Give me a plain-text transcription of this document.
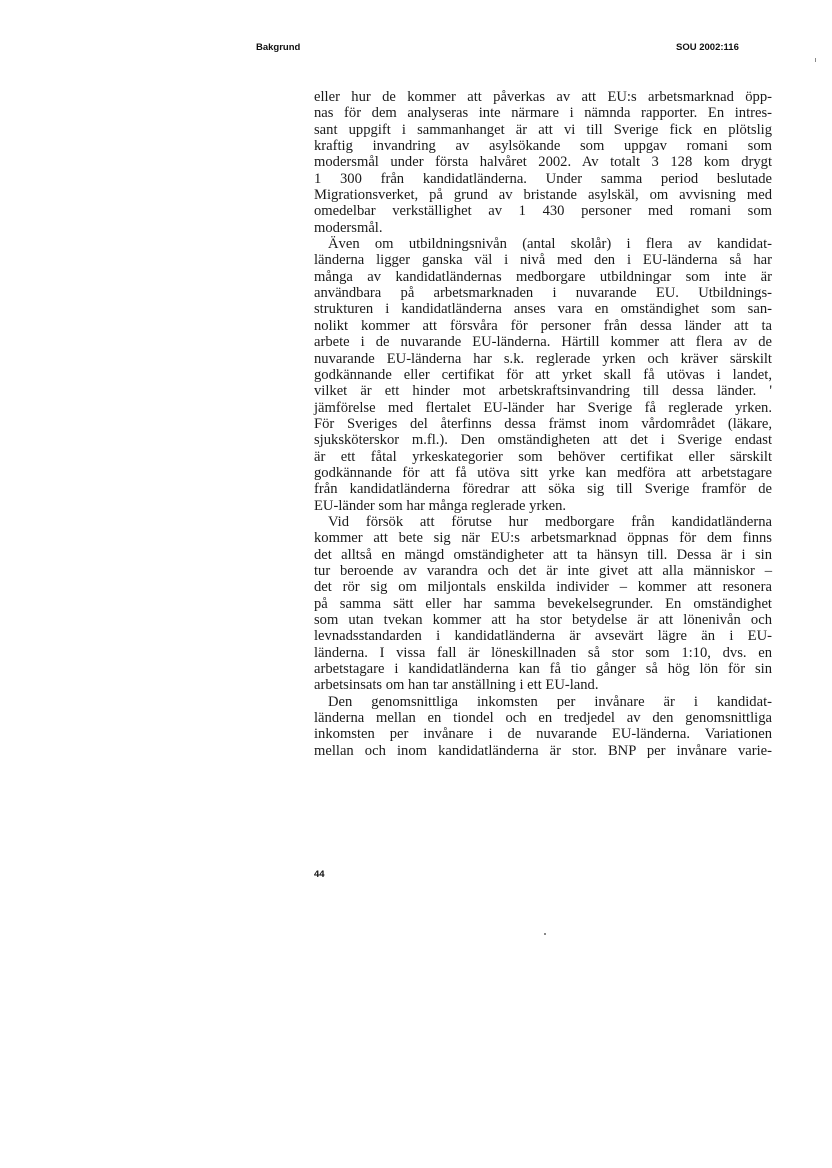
Bakgrund	SOU 2002:116
eller hur de kommer att påverkas av att EU:s arbetsmarknad öpp-
nas för dem analyseras inte närmare i nämnda rapporter. En intres-
sant uppgift i sammanhanget är att vi till Sverige fick en plötslig
kraftig invandring av asylsökande som uppgav romani som
modersmål under första halvåret 2002. Av totalt 3 128 kom drygt
1 300 från kandidatländerna. Under samma period beslutade
Migrationsverket, på grund av bristande asylskäl, om avvisning med
omedelbar verkställighet av 1 430 personer med romani som
modersmål.
Även om utbildningsnivån (antal skolår) i flera av kandidat-
länderna ligger ganska väl i nivå med den i EU-länderna så har
många av kandidatländernas medborgare utbildningar som inte är
användbara på arbetsmarknaden i nuvarande EU. Utbildnings-
strukturen i kandidatländerna anses vara en omständighet som san-
nolikt kommer att försvåra för personer från dessa länder att ta
arbete i de nuvarande EU-länderna. Härtill kommer att flera av de
nuvarande EU-länderna har s.k. reglerade yrken och kräver särskilt
godkännande eller certifikat för att yrket skall få utövas i landet,
vilket är ett hinder mot arbetskraftsinvandring till dessa länder. '
jämförelse med flertalet EU-länder har Sverige få reglerade yrken.
För Sveriges del återfinns dessa främst inom vårdområdet (läkare,
sjuksköterskor m.fl.). Den omständigheten att det i Sverige endast
är ett fåtal yrkeskategorier som behöver certifikat eller särskilt
godkännande för att få utöva sitt yrke kan medföra att arbetstagare
från kandidatländerna föredrar att söka sig till Sverige framför de
EU-länder som har många reglerade yrken.
Vid försök att förutse hur medborgare från kandidatländerna
kommer att bete sig när EU:s arbetsmarknad öppnas för dem finns
det alltså en mängd omständigheter att ta hänsyn till. Dessa är i sin
tur beroende av varandra och det är inte givet att alla människor –
det rör sig om miljontals enskilda individer – kommer att resonera
på samma sätt eller har samma bevekelsegrunder. En omständighet
som utan tvekan kommer att ha stor betydelse är att lönenivån och
levnadsstandarden i kandidatländerna är avsevärt lägre än i EU-
länderna. I vissa fall är löneskillnaden så stor som 1:10, dvs. en
arbetstagare i kandidatländerna kan få tio gånger så hög lön för sin
arbetsinsats om han tar anställning i ett EU-land.
Den genomsnittliga inkomsten per invånare är i kandidat-
länderna mellan en tiondel och en tredjedel av den genomsnittliga
inkomsten per invånare i de nuvarande EU-länderna. Variationen
mellan och inom kandidatländerna är stor. BNP per invånare varie-
44
